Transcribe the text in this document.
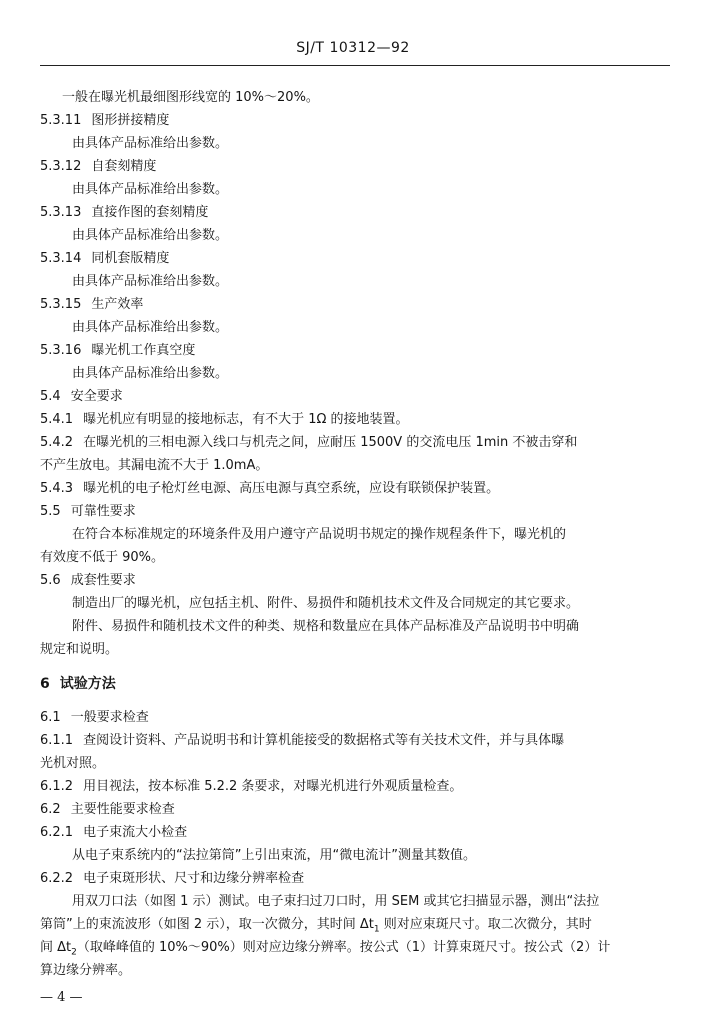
SJ/T 10312—92
一般在曝光机最细图形线宽的 10%～20%。
5.3.11 图形拼接精度
由具体产品标准给出参数。
5.3.12 自套刻精度
由具体产品标准给出参数。
5.3.13 直接作图的套刻精度
由具体产品标准给出参数。
5.3.14 同机套版精度
由具体产品标准给出参数。
5.3.15 生产效率
由具体产品标准给出参数。
5.3.16 曝光机工作真空度
由具体产品标准给出参数。
5.4 安全要求
5.4.1 曝光机应有明显的接地标志，有不大于 1Ω 的接地装置。
5.4.2 在曝光机的三相电源入线口与机壳之间，应耐压 1500V 的交流电压 1min 不被击穿和
不产生放电。其漏电流不大于 1.0mA。
5.4.3 曝光机的电子枪灯丝电源、高压电源与真空系统，应设有联锁保护装置。
5.5 可靠性要求
在符合本标准规定的环境条件及用户遵守产品说明书规定的操作规程条件下，曝光机的
有效度不低于 90%。
5.6 成套性要求
制造出厂的曝光机，应包括主机、附件、易损件和随机技术文件及合同规定的其它要求。
附件、易损件和随机技术文件的种类、规格和数量应在具体产品标准及产品说明书中明确
规定和说明。
6 试验方法
6.1 一般要求检查
6.1.1 查阅设计资料、产品说明书和计算机能接受的数据格式等有关技术文件，并与具体曝
光机对照。
6.1.2 用目视法，按本标准 5.2.2 条要求，对曝光机进行外观质量检查。
6.2 主要性能要求检查
6.2.1 电子束流大小检查
从电子束系统内的“法拉第筒”上引出束流，用“微电流计”测量其数值。
6.2.2 电子束斑形状、尺寸和边缘分辨率检查
用双刀口法（如图 1 示）测试。电子束扫过刀口时，用 SEM 或其它扫描显示器，测出“法拉
第筒”上的束流波形（如图 2 示），取一次微分，其时间 $\Delta t_1$ 则对应束斑尺寸。取二次微分，其时
间 $\Delta t_2$（取峰峰值的 10%～90%）则对应边缘分辨率。按公式（1）计算束斑尺寸。按公式（2）计
算边缘分辨率。
— 4 —
